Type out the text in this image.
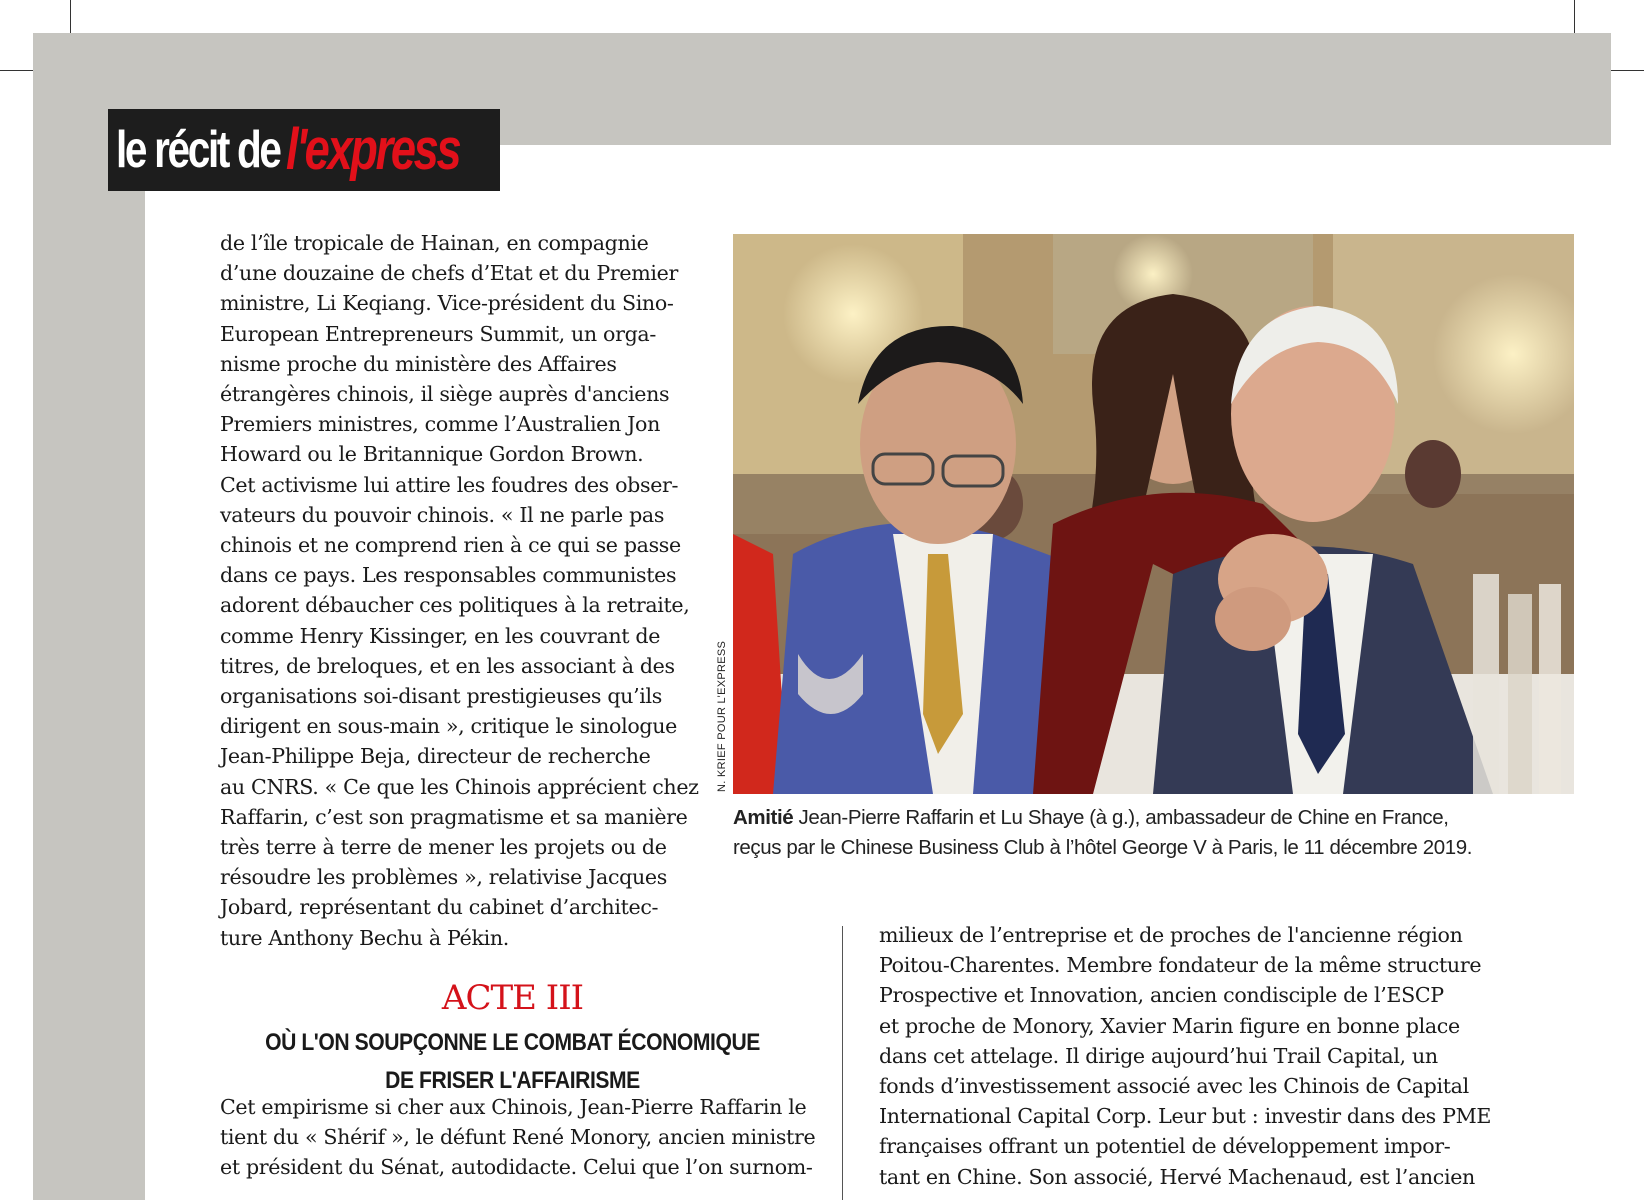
le récit de l'express

de l’île tropicale de Hainan, en compagnie

d’une douzaine de chefs d’Etat et du Premier

ministre, Li Keqiang. Vice-président du Sino-

European Entrepreneurs Summit, un orga-

nisme proche du ministère des Affaires

étrangères chinois, il siège auprès d'anciens

Premiers ministres, comme l’Australien Jon

Howard ou le Britannique Gordon Brown.

Cet activisme lui attire les foudres des obser-

vateurs du pouvoir chinois. « Il ne parle pas

chinois et ne comprend rien à ce qui se passe

dans ce pays. Les responsables communistes

adorent débaucher ces politiques à la retraite,

comme Henry Kissinger, en les couvrant de

titres, de breloques, et en les associant à des

organisations soi-disant prestigieuses qu’ils

dirigent en sous-main », critique le sinologue

Jean-Philippe Beja, directeur de recherche

au CNRS. « Ce que les Chinois apprécient chez

Raffarin, c’est son pragmatisme et sa manière

très terre à terre de mener les projets ou de

résoudre les problèmes », relativise Jacques

Jobard, représentant du cabinet d’architec-

ture Anthony Bechu à Pékin.

ACTE III

OÙ L'ON SOUPÇONNE LE COMBAT ÉCONOMIQUE

DE FRISER L'AFFAIRISME

Cet empirisme si cher aux Chinois, Jean-Pierre Raffarin le

tient du « Shérif », le défunt René Monory, ancien ministre

et président du Sénat, autodidacte. Celui que l’on surnom-

milieux de l’entreprise et de proches de l'ancienne région

Poitou-Charentes. Membre fondateur de la même structure

Prospective et Innovation, ancien condisciple de l’ESCP

et proche de Monory, Xavier Marin figure en bonne place

dans cet attelage. Il dirige aujourd’hui Trail Capital, un

fonds d’investissement associé avec les Chinois de Capital

International Capital Corp. Leur but : investir dans des PME

françaises offrant un potentiel de développement impor-

tant en Chine. Son associé, Hervé Machenaud, est l’ancien

N. KRIEF POUR L’EXPRESS

Amitié Jean-Pierre Raffarin et Lu Shaye (à g.), ambassadeur de Chine en France,

reçus par le Chinese Business Club à l’hôtel George V à Paris, le 11 décembre 2019.
